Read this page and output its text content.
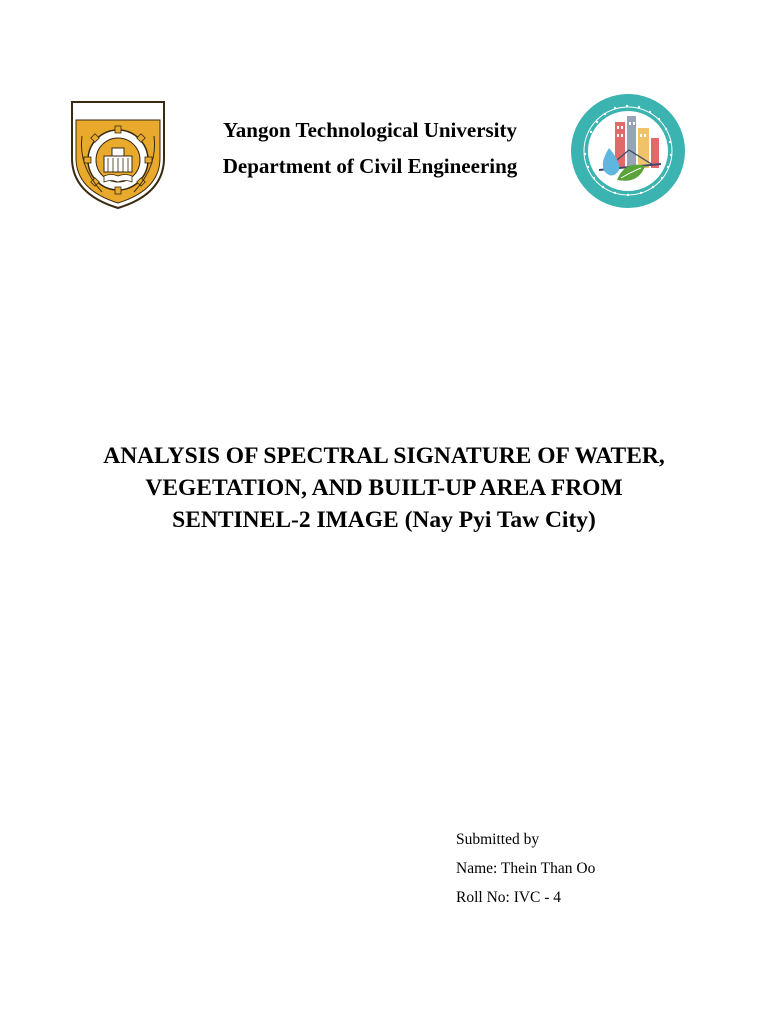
Yangon Technological University
Department of Civil Engineering
ANALYSIS OF SPECTRAL SIGNATURE OF WATER,
VEGETATION, AND BUILT-UP AREA FROM
SENTINEL-2 IMAGE (Nay Pyi Taw City)
Submitted by
Name: Thein Than Oo
Roll No: IVC - 4
